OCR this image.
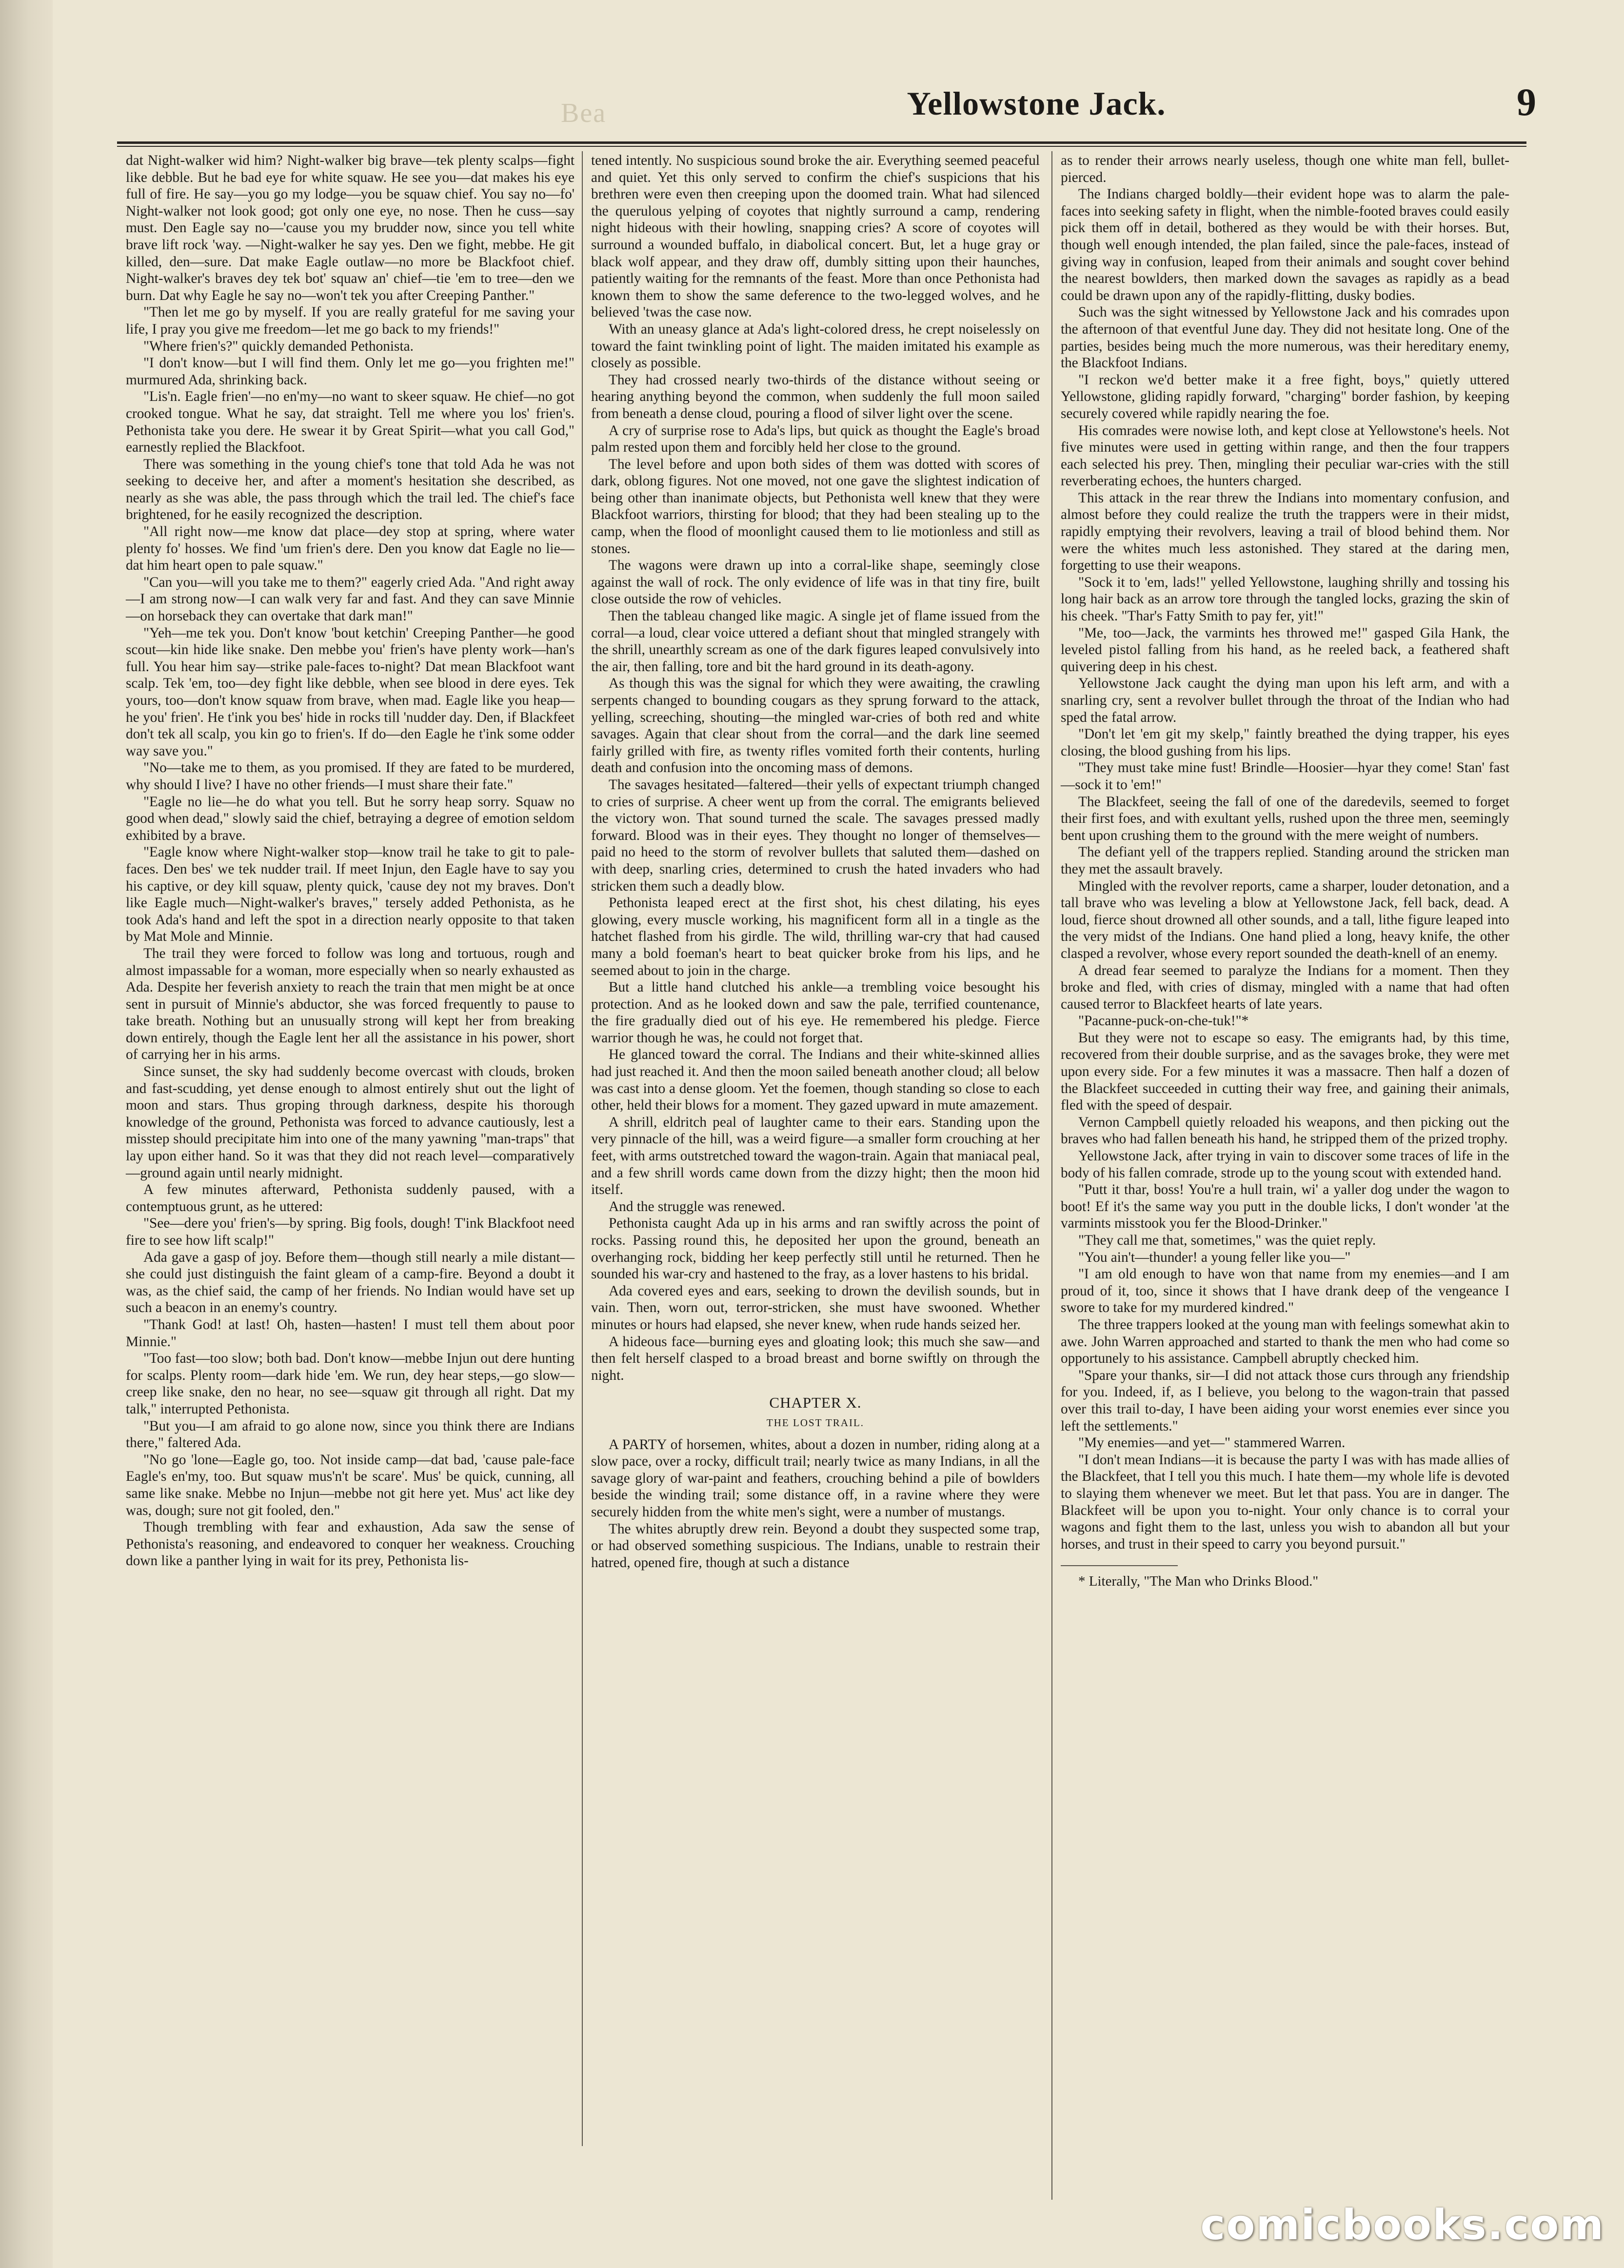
Bea	Yellowstone Jack.	9

dat Night-walker wid him? Night-walker big brave—tek plenty scalps—fight like debble. But he bad eye for white squaw. He see you—dat makes his eye full of fire. He say—you go my lodge—you be squaw chief. You say no—fo' Night-walker not look good; got only one eye, no nose. Then he cuss—say must. Den Eagle say no—'cause you my brudder now, since you tell white brave lift rock 'way. —Night-walker he say yes. Den we fight, mebbe. He git killed, den—sure. Dat make Eagle outlaw—no more be Blackfoot chief. Night-walker's braves dey tek bot' squaw an' chief—tie 'em to tree—den we burn. Dat why Eagle he say no—won't tek you after Creeping Panther."

"Then let me go by myself. If you are really grateful for me saving your life, I pray you give me freedom—let me go back to my friends!"

"Where frien's?" quickly demanded Pethonista.

"I don't know—but I will find them. Only let me go—you frighten me!" murmured Ada, shrinking back.

"Lis'n. Eagle frien'—no en'my—no want to skeer squaw. He chief—no got crooked tongue. What he say, dat straight. Tell me where you los' frien's. Pethonista take you dere. He swear it by Great Spirit—what you call God," earnestly replied the Blackfoot.

There was something in the young chief's tone that told Ada he was not seeking to deceive her, and after a moment's hesitation she described, as nearly as she was able, the pass through which the trail led. The chief's face brightened, for he easily recognized the description.

"All right now—me know dat place—dey stop at spring, where water plenty fo' hosses. We find 'um frien's dere. Den you know dat Eagle no lie—dat him heart open to pale squaw."

"Can you—will you take me to them?" eagerly cried Ada. "And right away—I am strong now—I can walk very far and fast. And they can save Minnie—on horseback they can overtake that dark man!"

"Yeh—me tek you. Don't know 'bout ketchin' Creeping Panther—he good scout—kin hide like snake. Den mebbe you' frien's have plenty work—han's full. You hear him say—strike pale-faces to-night? Dat mean Blackfoot want scalp. Tek 'em, too—dey fight like debble, when see blood in dere eyes. Tek yours, too—don't know squaw from brave, when mad. Eagle like you heap—he you' frien'. He t'ink you bes' hide in rocks till 'nudder day. Den, if Blackfeet don't tek all scalp, you kin go to frien's. If do—den Eagle he t'ink some odder way save you."

"No—take me to them, as you promised. If they are fated to be murdered, why should I live? I have no other friends—I must share their fate."

"Eagle no lie—he do what you tell. But he sorry heap sorry. Squaw no good when dead," slowly said the chief, betraying a degree of emotion seldom exhibited by a brave.

"Eagle know where Night-walker stop—know trail he take to git to pale-faces. Den bes' we tek nudder trail. If meet Injun, den Eagle have to say you his captive, or dey kill squaw, plenty quick, 'cause dey not my braves. Don't like Eagle much—Night-walker's braves," tersely added Pethonista, as he took Ada's hand and left the spot in a direction nearly opposite to that taken by Mat Mole and Minnie.

The trail they were forced to follow was long and tortuous, rough and almost impassable for a woman, more especially when so nearly exhausted as Ada. Despite her feverish anxiety to reach the train that men might be at once sent in pursuit of Minnie's abductor, she was forced frequently to pause to take breath. Nothing but an unusually strong will kept her from breaking down entirely, though the Eagle lent her all the assistance in his power, short of carrying her in his arms.

Since sunset, the sky had suddenly become overcast with clouds, broken and fast-scudding, yet dense enough to almost entirely shut out the light of moon and stars. Thus groping through darkness, despite his thorough knowledge of the ground, Pethonista was forced to advance cautiously, lest a misstep should precipitate him into one of the many yawning "man-traps" that lay upon either hand. So it was that they did not reach level—comparatively—ground again until nearly midnight.

A few minutes afterward, Pethonista suddenly paused, with a contemptuous grunt, as he uttered:

"See—dere you' frien's—by spring. Big fools, dough! T'ink Blackfoot need fire to see how lift scalp!"

Ada gave a gasp of joy. Before them—though still nearly a mile distant—she could just distinguish the faint gleam of a camp-fire. Beyond a doubt it was, as the chief said, the camp of her friends. No Indian would have set up such a beacon in an enemy's country.

"Thank God! at last! Oh, hasten—hasten! I must tell them about poor Minnie."

"Too fast—too slow; both bad. Don't know—mebbe Injun out dere hunting for scalps. Plenty room—dark hide 'em. We run, dey hear steps,—go slow—creep like snake, den no hear, no see—squaw git through all right. Dat my talk," interrupted Pethonista.

"But you—I am afraid to go alone now, since you think there are Indians there," faltered Ada.

"No go 'lone—Eagle go, too. Not inside camp—dat bad, 'cause pale-face Eagle's en'my, too. But squaw mus'n't be scare'. Mus' be quick, cunning, all same like snake. Mebbe no Injun—mebbe not git here yet. Mus' act like dey was, dough; sure not git fooled, den."

Though trembling with fear and exhaustion, Ada saw the sense of Pethonista's reasoning, and endeavored to conquer her weakness. Crouching down like a panther lying in wait for its prey, Pethonista lis-

tened intently. No suspicious sound broke the air. Everything seemed peaceful and quiet. Yet this only served to confirm the chief's suspicions that his brethren were even then creeping upon the doomed train. What had silenced the querulous yelping of coyotes that nightly surround a camp, rendering night hideous with their howling, snapping cries? A score of coyotes will surround a wounded buffalo, in diabolical concert. But, let a huge gray or black wolf appear, and they draw off, dumbly sitting upon their haunches, patiently waiting for the remnants of the feast. More than once Pethonista had known them to show the same deference to the two-legged wolves, and he believed 'twas the case now.

With an uneasy glance at Ada's light-colored dress, he crept noiselessly on toward the faint twinkling point of light. The maiden imitated his example as closely as possible.

They had crossed nearly two-thirds of the distance without seeing or hearing anything beyond the common, when suddenly the full moon sailed from beneath a dense cloud, pouring a flood of silver light over the scene.

A cry of surprise rose to Ada's lips, but quick as thought the Eagle's broad palm rested upon them and forcibly held her close to the ground.

The level before and upon both sides of them was dotted with scores of dark, oblong figures. Not one moved, not one gave the slightest indication of being other than inanimate objects, but Pethonista well knew that they were Blackfoot warriors, thirsting for blood; that they had been stealing up to the camp, when the flood of moonlight caused them to lie motionless and still as stones.

The wagons were drawn up into a corral-like shape, seemingly close against the wall of rock. The only evidence of life was in that tiny fire, built close outside the row of vehicles.

Then the tableau changed like magic. A single jet of flame issued from the corral—a loud, clear voice uttered a defiant shout that mingled strangely with the shrill, unearthly scream as one of the dark figures leaped convulsively into the air, then falling, tore and bit the hard ground in its death-agony.

As though this was the signal for which they were awaiting, the crawling serpents changed to bounding cougars as they sprung forward to the attack, yelling, screeching, shouting—the mingled war-cries of both red and white savages. Again that clear shout from the corral—and the dark line seemed fairly grilled with fire, as twenty rifles vomited forth their contents, hurling death and confusion into the oncoming mass of demons.

The savages hesitated—faltered—their yells of expectant triumph changed to cries of surprise. A cheer went up from the corral. The emigrants believed the victory won. That sound turned the scale. The savages pressed madly forward. Blood was in their eyes. They thought no longer of themselves—paid no heed to the storm of revolver bullets that saluted them—dashed on with deep, snarling cries, determined to crush the hated invaders who had stricken them such a deadly blow.

Pethonista leaped erect at the first shot, his chest dilating, his eyes glowing, every muscle working, his magnificent form all in a tingle as the hatchet flashed from his girdle. The wild, thrilling war-cry that had caused many a bold foeman's heart to beat quicker broke from his lips, and he seemed about to join in the charge.

But a little hand clutched his ankle—a trembling voice besought his protection. And as he looked down and saw the pale, terrified countenance, the fire gradually died out of his eye. He remembered his pledge. Fierce warrior though he was, he could not forget that.

He glanced toward the corral. The Indians and their white-skinned allies had just reached it. And then the moon sailed beneath another cloud; all below was cast into a dense gloom. Yet the foemen, though standing so close to each other, held their blows for a moment. They gazed upward in mute amazement.

A shrill, eldritch peal of laughter came to their ears. Standing upon the very pinnacle of the hill, was a weird figure—a smaller form crouching at her feet, with arms outstretched toward the wagon-train. Again that maniacal peal, and a few shrill words came down from the dizzy hight; then the moon hid itself.

And the struggle was renewed.

Pethonista caught Ada up in his arms and ran swiftly across the point of rocks. Passing round this, he deposited her upon the ground, beneath an overhanging rock, bidding her keep perfectly still until he returned. Then he sounded his war-cry and hastened to the fray, as a lover hastens to his bridal.

Ada covered eyes and ears, seeking to drown the devilish sounds, but in vain. Then, worn out, terror-stricken, she must have swooned. Whether minutes or hours had elapsed, she never knew, when rude hands seized her.

A hideous face—burning eyes and gloating look; this much she saw—and then felt herself clasped to a broad breast and borne swiftly on through the night.

CHAPTER X.
THE LOST TRAIL.

A PARTY of horsemen, whites, about a dozen in number, riding along at a slow pace, over a rocky, difficult trail; nearly twice as many Indians, in all the savage glory of war-paint and feathers, crouching behind a pile of bowlders beside the winding trail; some distance off, in a ravine where they were securely hidden from the white men's sight, were a number of mustangs.

The whites abruptly drew rein. Beyond a doubt they suspected some trap, or had observed something suspicious. The Indians, unable to restrain their hatred, opened fire, though at such a distance

as to render their arrows nearly useless, though one white man fell, bullet-pierced.

The Indians charged boldly—their evident hope was to alarm the pale-faces into seeking safety in flight, when the nimble-footed braves could easily pick them off in detail, bothered as they would be with their horses. But, though well enough intended, the plan failed, since the pale-faces, instead of giving way in confusion, leaped from their animals and sought cover behind the nearest bowlders, then marked down the savages as rapidly as a bead could be drawn upon any of the rapidly-flitting, dusky bodies.

Such was the sight witnessed by Yellowstone Jack and his comrades upon the afternoon of that eventful June day. They did not hesitate long. One of the parties, besides being much the more numerous, was their hereditary enemy, the Blackfoot Indians.

"I reckon we'd better make it a free fight, boys," quietly uttered Yellowstone, gliding rapidly forward, "charging" border fashion, by keeping securely covered while rapidly nearing the foe.

His comrades were nowise loth, and kept close at Yellowstone's heels. Not five minutes were used in getting within range, and then the four trappers each selected his prey. Then, mingling their peculiar war-cries with the still reverberating echoes, the hunters charged.

This attack in the rear threw the Indians into momentary confusion, and almost before they could realize the truth the trappers were in their midst, rapidly emptying their revolvers, leaving a trail of blood behind them. Nor were the whites much less astonished. They stared at the daring men, forgetting to use their weapons.

"Sock it to 'em, lads!" yelled Yellowstone, laughing shrilly and tossing his long hair back as an arrow tore through the tangled locks, grazing the skin of his cheek. "Thar's Fatty Smith to pay fer, yit!"

"Me, too—Jack, the varmints hes throwed me!" gasped Gila Hank, the leveled pistol falling from his hand, as he reeled back, a feathered shaft quivering deep in his chest.

Yellowstone Jack caught the dying man upon his left arm, and with a snarling cry, sent a revolver bullet through the throat of the Indian who had sped the fatal arrow.

"Don't let 'em git my skelp," faintly breathed the dying trapper, his eyes closing, the blood gushing from his lips.

"They must take mine fust! Brindle—Hoosier—hyar they come! Stan' fast—sock it to 'em!"

The Blackfeet, seeing the fall of one of the daredevils, seemed to forget their first foes, and with exultant yells, rushed upon the three men, seemingly bent upon crushing them to the ground with the mere weight of numbers.

The defiant yell of the trappers replied. Standing around the stricken man they met the assault bravely.

Mingled with the revolver reports, came a sharper, louder detonation, and a tall brave who was leveling a blow at Yellowstone Jack, fell back, dead. A loud, fierce shout drowned all other sounds, and a tall, lithe figure leaped into the very midst of the Indians. One hand plied a long, heavy knife, the other clasped a revolver, whose every report sounded the death-knell of an enemy.

A dread fear seemed to paralyze the Indians for a moment. Then they broke and fled, with cries of dismay, mingled with a name that had often caused terror to Blackfeet hearts of late years.

"Pacanne-puck-on-che-tuk!"*

But they were not to escape so easy. The emigrants had, by this time, recovered from their double surprise, and as the savages broke, they were met upon every side. For a few minutes it was a massacre. Then half a dozen of the Blackfeet succeeded in cutting their way free, and gaining their animals, fled with the speed of despair.

Vernon Campbell quietly reloaded his weapons, and then picking out the braves who had fallen beneath his hand, he stripped them of the prized trophy.

Yellowstone Jack, after trying in vain to discover some traces of life in the body of his fallen comrade, strode up to the young scout with extended hand.

"Putt it thar, boss! You're a hull train, wi' a yaller dog under the wagon to boot! Ef it's the same way you putt in the double licks, I don't wonder 'at the varmints misstook you fer the Blood-Drinker."

"They call me that, sometimes," was the quiet reply.

"You ain't—thunder! a young feller like you—"

"I am old enough to have won that name from my enemies—and I am proud of it, too, since it shows that I have drank deep of the vengeance I swore to take for my murdered kindred."

The three trappers looked at the young man with feelings somewhat akin to awe. John Warren approached and started to thank the men who had come so opportunely to his assistance. Campbell abruptly checked him.

"Spare your thanks, sir—I did not attack those curs through any friendship for you. Indeed, if, as I believe, you belong to the wagon-train that passed over this trail to-day, I have been aiding your worst enemies ever since you left the settlements."

"My enemies—and yet—" stammered Warren.

"I don't mean Indians—it is because the party I was with has made allies of the Blackfeet, that I tell you this much. I hate them—my whole life is devoted to slaying them whenever we meet. But let that pass. You are in danger. The Blackfeet will be upon you to-night. Your only chance is to corral your wagons and fight them to the last, unless you wish to abandon all but your horses, and trust in their speed to carry you beyond pursuit."

* Literally, "The Man who Drinks Blood."

comicbooks.com
